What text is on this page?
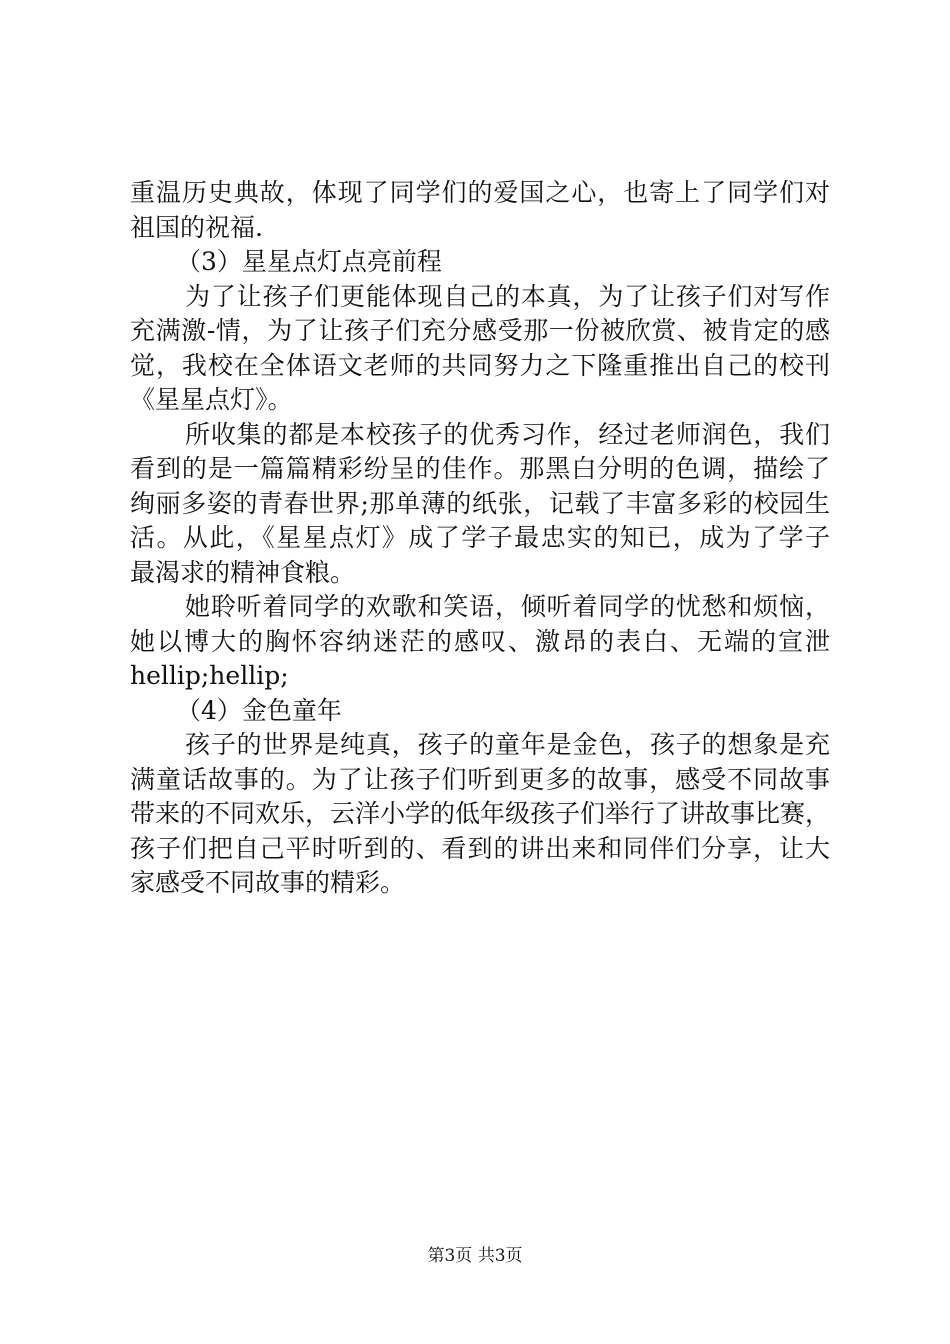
重温历史典故，体现了同学们的爱国之心，也寄上了同学们对
祖国的祝福.
（3）星星点灯点亮前程
为了让孩子们更能体现自己的本真，为了让孩子们对写作
充满激-情，为了让孩子们充分感受那一份被欣赏、被肯定的感
觉，我校在全体语文老师的共同努力之下隆重推出自己的校刊
《星星点灯》。
所收集的都是本校孩子的优秀习作，经过老师润色，我们
看到的是一篇篇精彩纷呈的佳作。那黑白分明的色调，描绘了
绚丽多姿的青春世界;那单薄的纸张，记载了丰富多彩的校园生
活。从此，《星星点灯》成了学子最忠实的知已，成为了学子
最渴求的精神食粮。
她聆听着同学的欢歌和笑语，倾听着同学的忧愁和烦恼，
她以博大的胸怀容纳迷茫的感叹、激昂的表白、无端的宣泄
hellip;hellip;
（4）金色童年
孩子的世界是纯真，孩子的童年是金色，孩子的想象是充
满童话故事的。为了让孩子们听到更多的故事，感受不同故事
带来的不同欢乐，云洋小学的低年级孩子们举行了讲故事比赛，
孩子们把自己平时听到的、看到的讲出来和同伴们分享，让大
家感受不同故事的精彩。
第3页 共3页
